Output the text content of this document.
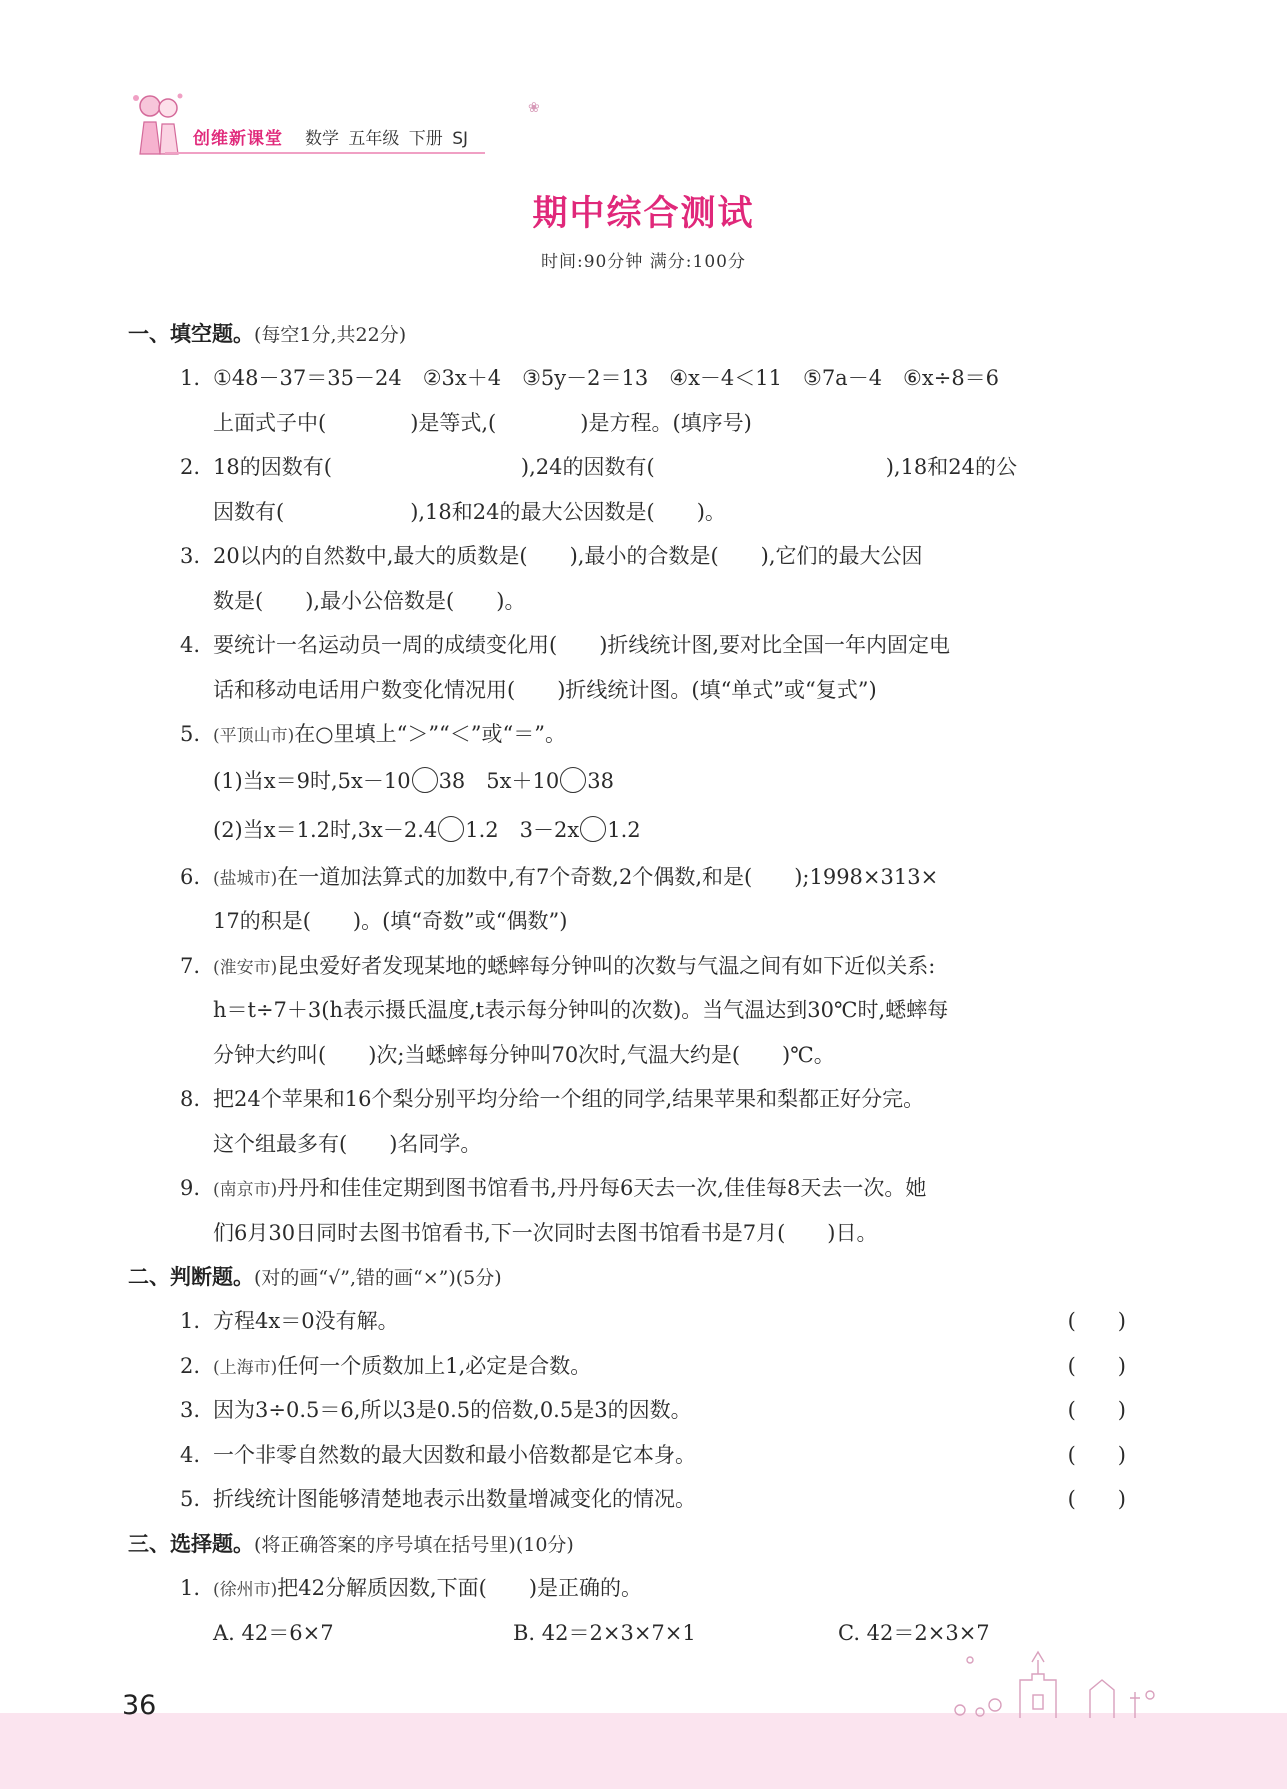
创维新课堂 数学 五年级 下册 SJ
❀
期中综合测试
时间:90分钟 满分:100分
一、填空题。(每空1分,共22分)
1. ①48－37＝35－24　②3x＋4　③5y－2＝13　④x－4＜11　⑤7a－4　⑥x÷8＝6
上面式子中(　　　　)是等式,(　　　　)是方程。(填序号)
2. 18的因数有(　　　　　　　　　),24的因数有(　　　　　　　　　　　),18和24的公
因数有(　　　　　　),18和24的最大公因数是(　　)。
3. 20以内的自然数中,最大的质数是(　　),最小的合数是(　　),它们的最大公因
数是(　　),最小公倍数是(　　)。
4. 要统计一名运动员一周的成绩变化用(　　)折线统计图,要对比全国一年内固定电
话和移动电话用户数变化情况用(　　)折线统计图。(填“单式”或“复式”)
5. (平顶山市)在○里填上“＞”“＜”或“＝”。
(1)当x＝9时,5x－10 38　5x＋10 38
(2)当x＝1.2时,3x－2.4 1.2　3－2x 1.2
6. (盐城市)在一道加法算式的加数中,有7个奇数,2个偶数,和是(　　);1998×313×
17的积是(　　)。(填“奇数”或“偶数”)
7. (淮安市)昆虫爱好者发现某地的蟋蟀每分钟叫的次数与气温之间有如下近似关系:
h＝t÷7＋3(h表示摄氏温度,t表示每分钟叫的次数)。当气温达到30℃时,蟋蟀每
分钟大约叫(　　)次;当蟋蟀每分钟叫70次时,气温大约是(　　)℃。
8. 把24个苹果和16个梨分别平均分给一个组的同学,结果苹果和梨都正好分完。
这个组最多有(　　)名同学。
9. (南京市)丹丹和佳佳定期到图书馆看书,丹丹每6天去一次,佳佳每8天去一次。她
们6月30日同时去图书馆看书,下一次同时去图书馆看书是7月(　　)日。
二、判断题。(对的画“√”,错的画“×”)(5分)
1. 方程4x＝0没有解。	(　　)
2. (上海市)任何一个质数加上1,必定是合数。	(　　)
3. 因为3÷0.5＝6,所以3是0.5的倍数,0.5是3的因数。	(　　)
4. 一个非零自然数的最大因数和最小倍数都是它本身。	(　　)
5. 折线统计图能够清楚地表示出数量增减变化的情况。	(　　)
三、选择题。(将正确答案的序号填在括号里)(10分)
1. (徐州市)把42分解质因数,下面(　　)是正确的。
A. 42＝6×7	B. 42＝2×3×7×1	C. 42＝2×3×7
36
